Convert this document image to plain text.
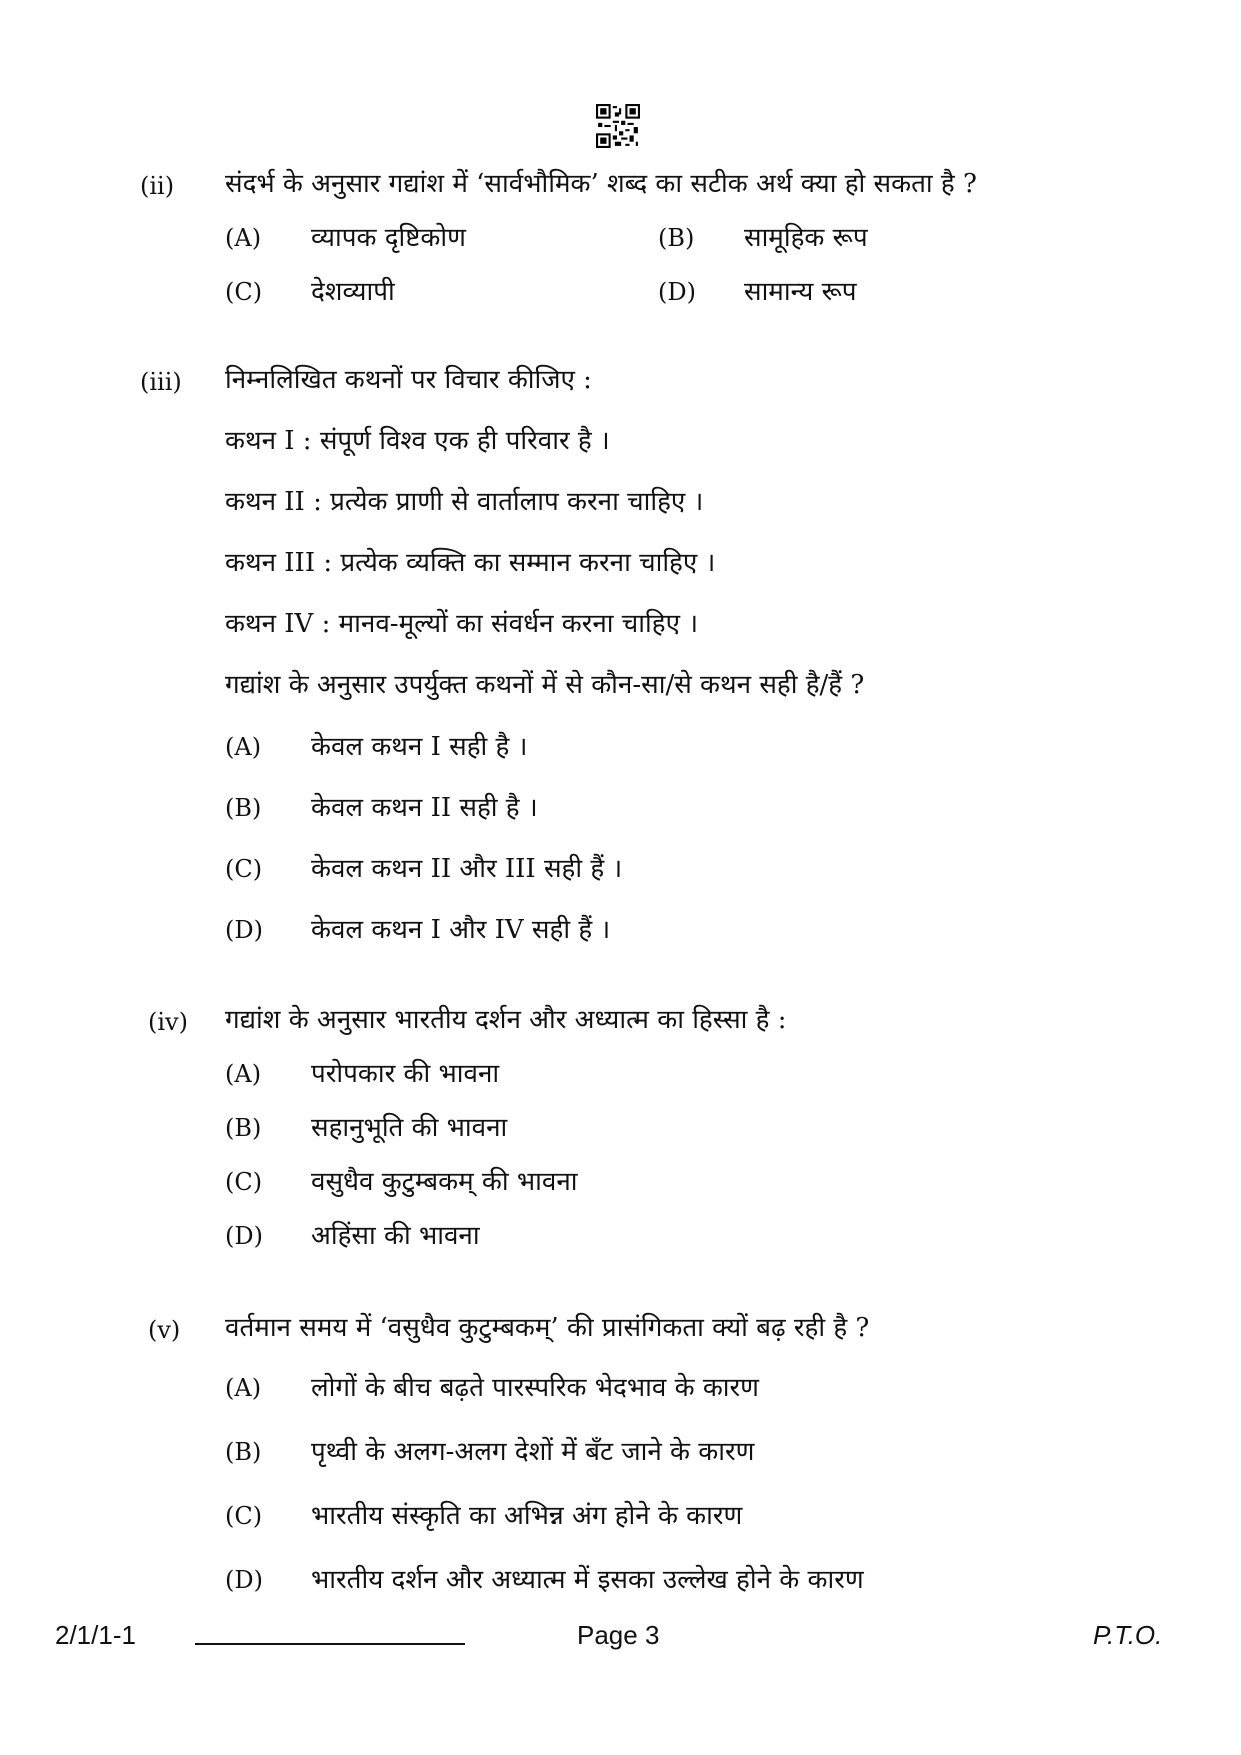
(ii) संदर्भ के अनुसार गद्यांश में ‘सार्वभौमिक’ शब्द का सटीक अर्थ क्या हो सकता है ?
(A) व्यापक दृष्टिकोण	(B) सामूहिक रूप
(C) देशव्यापी	(D) सामान्य रूप
(iii) निम्नलिखित कथनों पर विचार कीजिए :
कथन I : संपूर्ण विश्व एक ही परिवार है ।
कथन II : प्रत्येक प्राणी से वार्तालाप करना चाहिए ।
कथन III : प्रत्येक व्यक्ति का सम्मान करना चाहिए ।
कथन IV : मानव-मूल्यों का संवर्धन करना चाहिए ।
गद्यांश के अनुसार उपर्युक्त कथनों में से कौन-सा/से कथन सही है/हैं ?
(A) केवल कथन I सही है ।
(B) केवल कथन II सही है ।
(C) केवल कथन II और III सही हैं ।
(D) केवल कथन I और IV सही हैं ।
(iv) गद्यांश के अनुसार भारतीय दर्शन और अध्यात्म का हिस्सा है :
(A) परोपकार की भावना
(B) सहानुभूति की भावना
(C) वसुधैव कुटुम्बकम् की भावना
(D) अहिंसा की भावना
(v) वर्तमान समय में ‘वसुधैव कुटुम्बकम्’ की प्रासंगिकता क्यों बढ़ रही है ?
(A) लोगों के बीच बढ़ते पारस्परिक भेदभाव के कारण
(B) पृथ्वी के अलग-अलग देशों में बँट जाने के कारण
(C) भारतीय संस्कृति का अभिन्न अंग होने के कारण
(D) भारतीय दर्शन और अध्यात्म में इसका उल्लेख होने के कारण
2/1/1-1	Page 3	P.T.O.
